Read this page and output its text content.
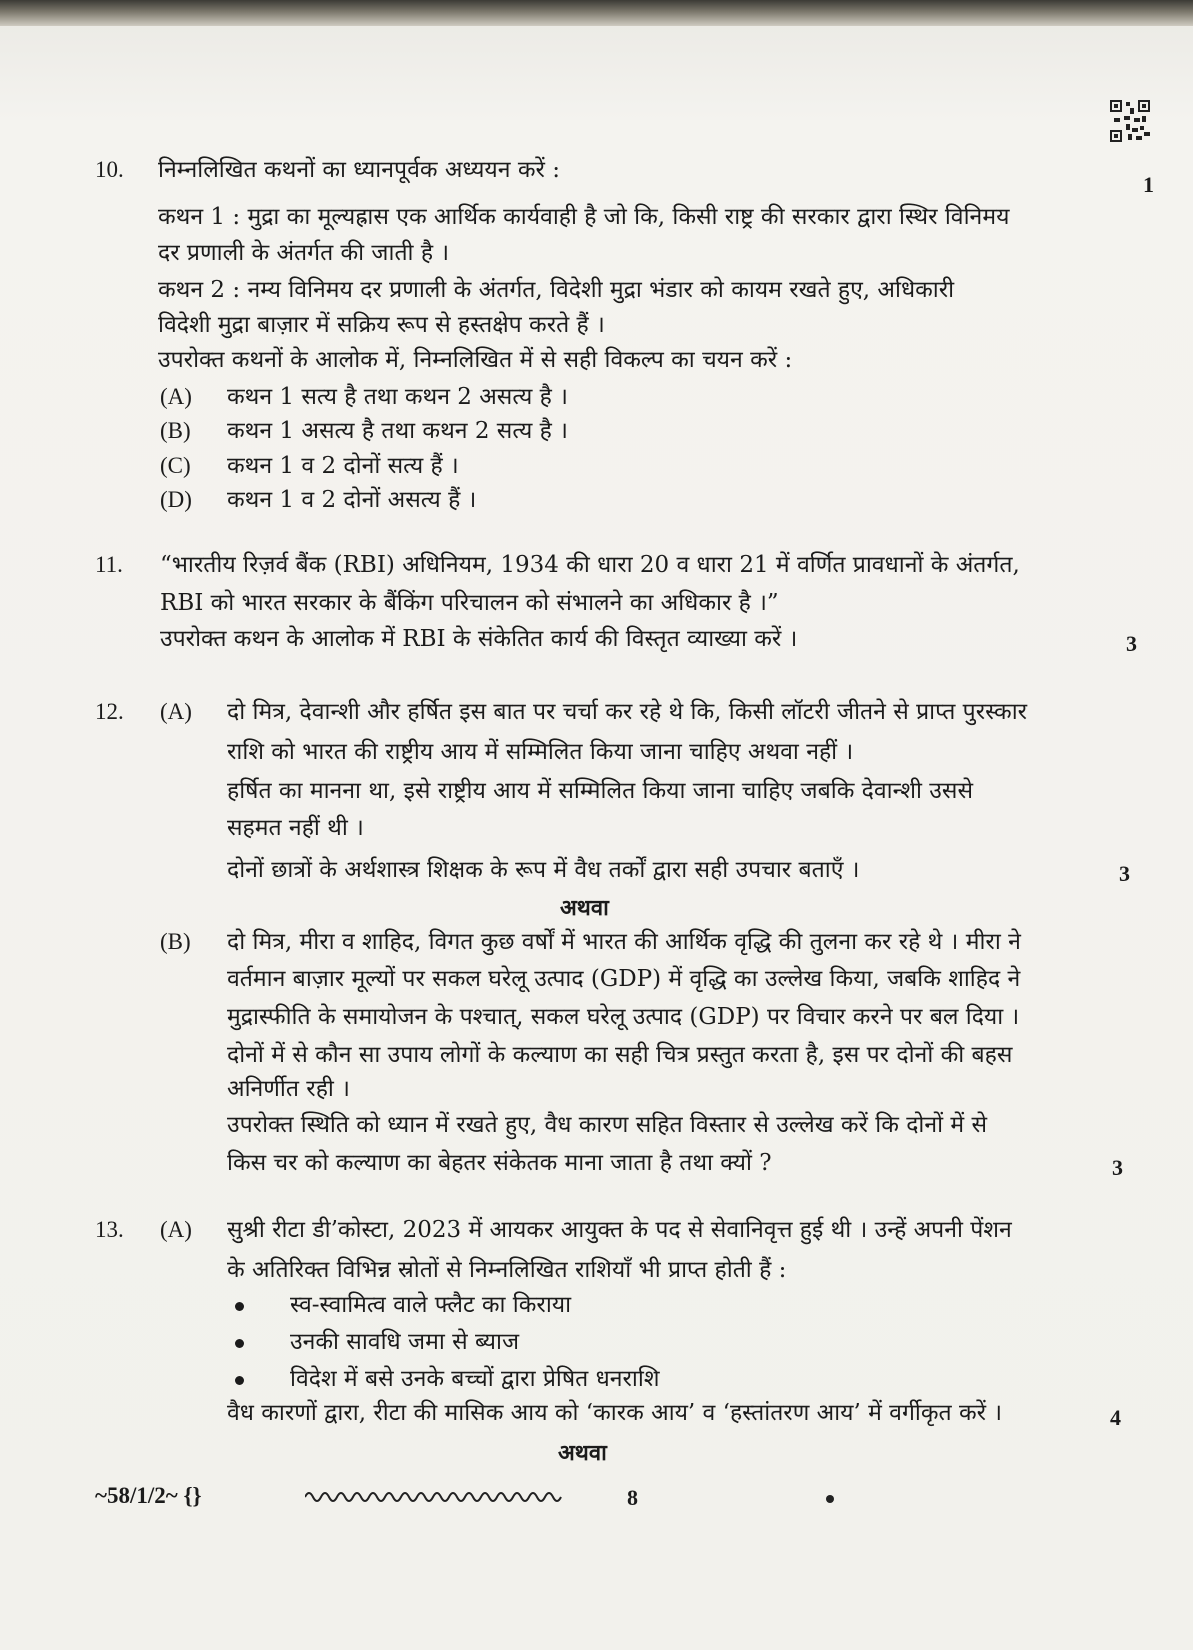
10. निम्नलिखित कथनों का ध्यानपूर्वक अध्ययन करें :
1
कथन 1 : मुद्रा का मूल्यह्रास एक आर्थिक कार्यवाही है जो कि, किसी राष्ट्र की सरकार द्वारा स्थिर विनिमय
दर प्रणाली के अंतर्गत की जाती है ।
कथन 2 : नम्य विनिमय दर प्रणाली के अंतर्गत, विदेशी मुद्रा भंडार को कायम रखते हुए, अधिकारी
विदेशी मुद्रा बाज़ार में सक्रिय रूप से हस्तक्षेप करते हैं ।
उपरोक्त कथनों के आलोक में, निम्नलिखित में से सही विकल्प का चयन करें :
(A) कथन 1 सत्य है तथा कथन 2 असत्य है ।
(B) कथन 1 असत्य है तथा कथन 2 सत्य है ।
(C) कथन 1 व 2 दोनों सत्य हैं ।
(D) कथन 1 व 2 दोनों असत्य हैं ।
11. “भारतीय रिज़र्व बैंक (RBI) अधिनियम, 1934 की धारा 20 व धारा 21 में वर्णित प्रावधानों के अंतर्गत,
RBI को भारत सरकार के बैंकिंग परिचालन को संभालने का अधिकार है ।”
उपरोक्त कथन के आलोक में RBI के संकेतित कार्य की विस्तृत व्याख्या करें ।	3
12. (A) दो मित्र, देवान्शी और हर्षित इस बात पर चर्चा कर रहे थे कि, किसी लॉटरी जीतने से प्राप्त पुरस्कार
राशि को भारत की राष्ट्रीय आय में सम्मिलित किया जाना चाहिए अथवा नहीं ।
हर्षित का मानना था, इसे राष्ट्रीय आय में सम्मिलित किया जाना चाहिए जबकि देवान्शी उससे
सहमत नहीं थी ।
दोनों छात्रों के अर्थशास्त्र शिक्षक के रूप में वैध तर्कों द्वारा सही उपचार बताएँ ।	3
अथवा
(B) दो मित्र, मीरा व शाहिद, विगत कुछ वर्षों में भारत की आर्थिक वृद्धि की तुलना कर रहे थे । मीरा ने
वर्तमान बाज़ार मूल्यों पर सकल घरेलू उत्पाद (GDP) में वृद्धि का उल्लेख किया, जबकि शाहिद ने
मुद्रास्फीति के समायोजन के पश्चात्, सकल घरेलू उत्पाद (GDP) पर विचार करने पर बल दिया ।
दोनों में से कौन सा उपाय लोगों के कल्याण का सही चित्र प्रस्तुत करता है, इस पर दोनों की बहस
अनिर्णीत रही ।
उपरोक्त स्थिति को ध्यान में रखते हुए, वैध कारण सहित विस्तार से उल्लेख करें कि दोनों में से
किस चर को कल्याण का बेहतर संकेतक माना जाता है तथा क्यों ?	3
13. (A) सुश्री रीटा डी’कोस्टा, 2023 में आयकर आयुक्त के पद से सेवानिवृत्त हुई थी । उन्हें अपनी पेंशन
के अतिरिक्त विभिन्न स्रोतों से निम्नलिखित राशियाँ भी प्राप्त होती हैं :
स्व-स्वामित्व वाले फ्लैट का किराया
उनकी सावधि जमा से ब्याज
विदेश में बसे उनके बच्चों द्वारा प्रेषित धनराशि
वैध कारणों द्वारा, रीटा की मासिक आय को ‘कारक आय’ व ‘हस्तांतरण आय’ में वर्गीकृत करें ।	4
अथवा
~58/1/2~ {}	8
